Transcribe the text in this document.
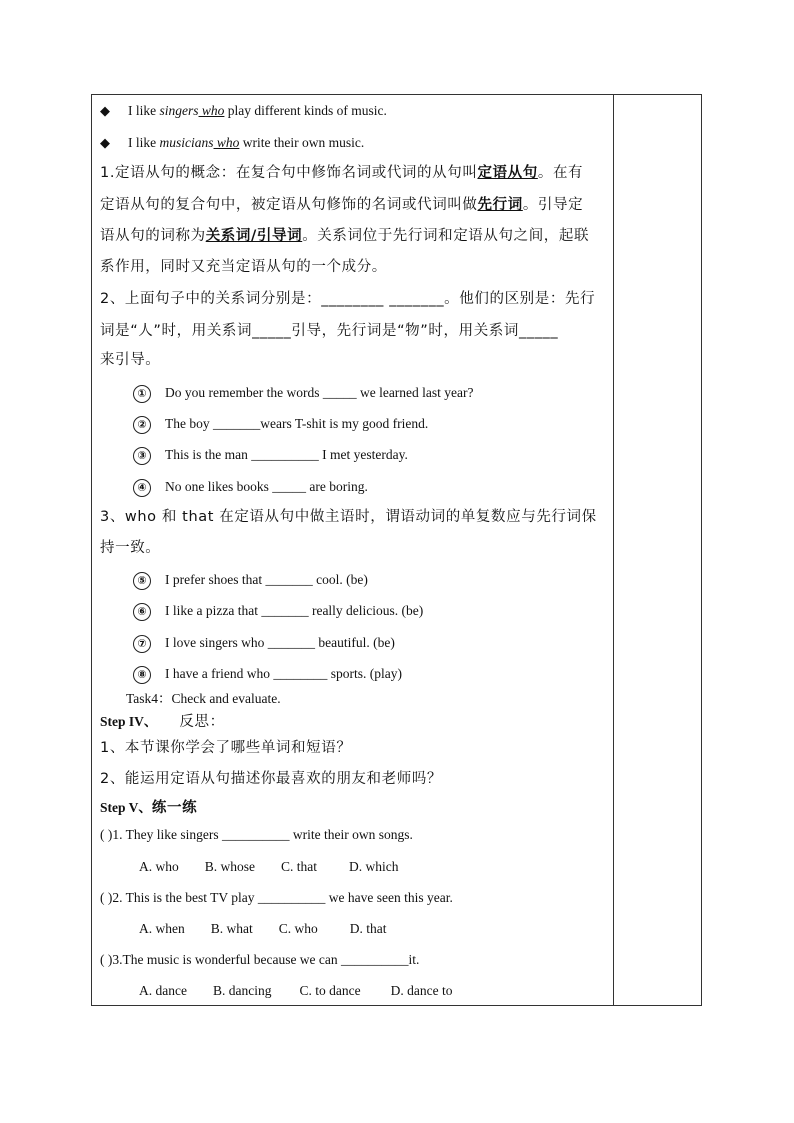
◆ I like singers who play different kinds of music.
◆ I like musicians who write their own music.
1.定语从句的概念：在复合句中修饰名词或代词的从句叫定语从句。在有
定语从句的复合句中，被定语从句修饰的名词或代词叫做先行词。引导定
语从句的词称为关系词/引导词。关系词位于先行词和定语从句之间，起联
系作用，同时又充当定语从句的一个成分。
2、上面句子中的关系词分别是：________ _______。他们的区别是：先行
词是“人”时，用关系词_____引导，先行词是“物”时，用关系词_____
来引导。
① Do you remember the words _____ we learned last year?
② The boy _______wears T-shit is my good friend.
③ This is the man __________ I met yesterday.
④ No one likes books _____ are boring.
3、who 和 that 在定语从句中做主语时，谓语动词的单复数应与先行词保
持一致。
⑤ I prefer shoes that _______ cool. (be)
⑥ I like a pizza that _______ really delicious. (be)
⑦ I love singers who _______ beautiful. (be)
⑧ I have a friend who ________ sports. (play)
Task4：Check and evaluate.
Step IV、 反思：
1、本节课你学会了哪些单词和短语？
2、能运用定语从句描述你最喜欢的朋友和老师吗？
Step V、练一练
( )1. They like singers __________ write their own songs.
A. who B. whose C. that D. which
( )2. This is the best TV play __________ we have seen this year.
A. when B. what C. who D. that
( )3.The music is wonderful because we can __________it.
A. dance B. dancing C. to dance D. dance to
